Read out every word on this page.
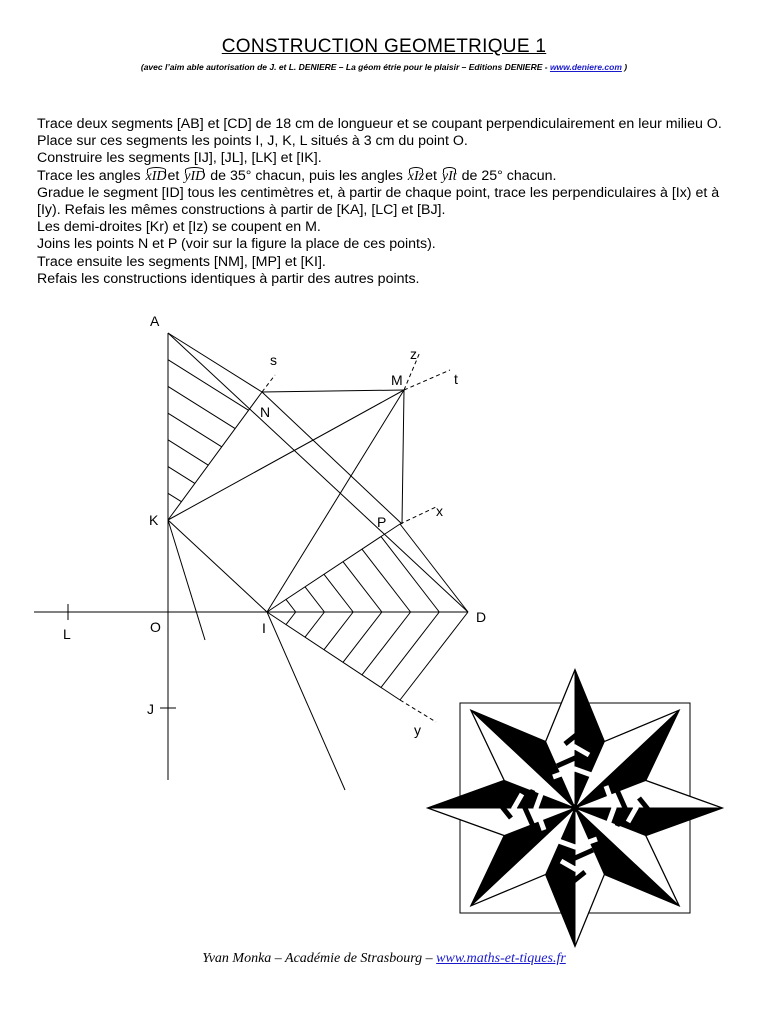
CONSTRUCTION GEOMETRIQUE 1
(avec l’aim able autorisation de J. et L. DENIERE – La géom étrie pour le plaisir – Editions DENIERE - www.deniere.com )

Trace deux segments [AB] et [CD] de 18 cm de longueur et se coupant perpendiculairement en leur milieu O.

Place sur ces segments les points I, J, K, L situés à 3 cm du point O.

Construire les segments [IJ], [JL], [LK] et [IK].

Trace les angles xIDet yID de 35° chacun, puis les angles xIzet yIt de 25° chacun.

Gradue le segment [ID] tous les centimètres et, à partir de chaque point, trace les perpendiculaires à [Ix) et à [Iy). Refais les mêmes constructions à partir de [KA], [LC] et [BJ].

Les demi-droites [Kr) et [Iz) se coupent en M.

Joins les points N et P (voir sur la figure la place de ces points).

Trace ensuite les segments [NM], [MP] et [KI].

Refais les constructions identiques à partir des autres points.

A
s	z
M	t
N
K	P
x
O	I
D
L
J
y
Yvan Monka – Académie de Strasbourg – www.maths-et-tiques.fr
